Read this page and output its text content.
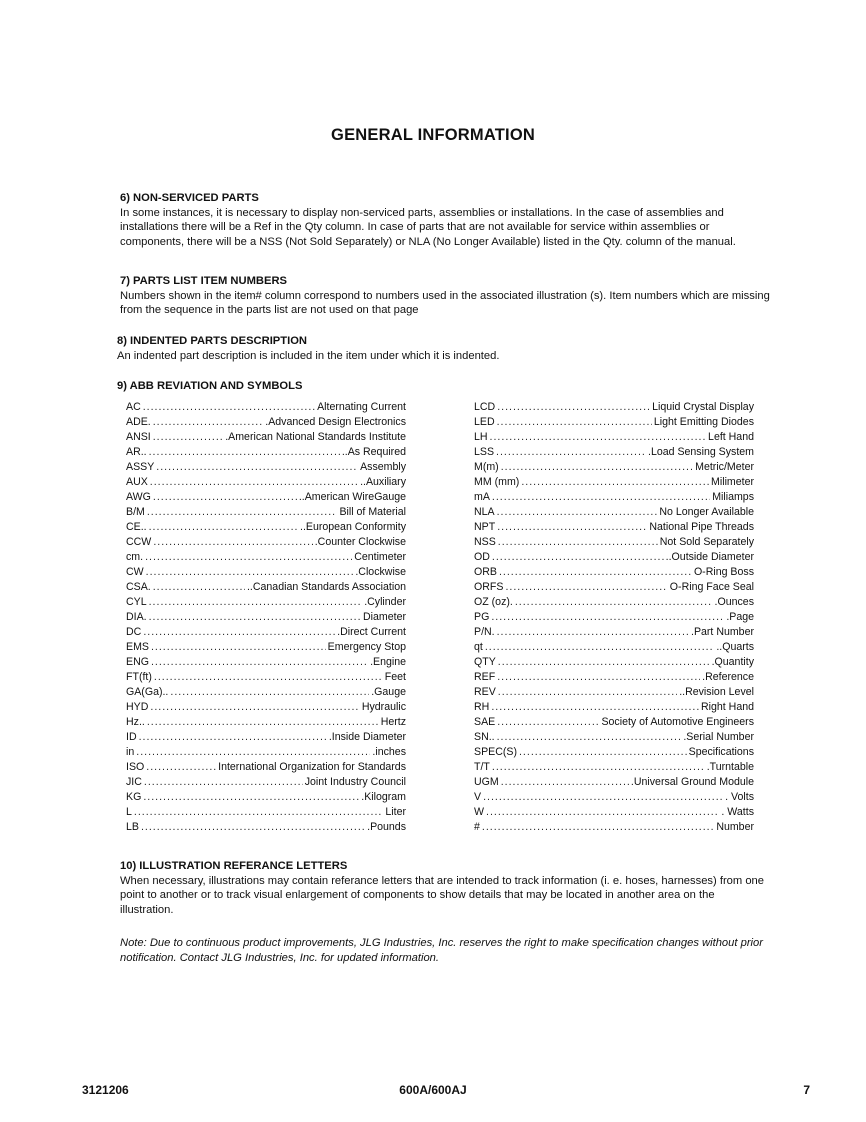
GENERAL INFORMATION
6) NON-SERVICED PARTS
In some instances, it is necessary to display non-serviced parts, assemblies or installations. In the case of assemblies and installations there will be a Ref in the Qty column. In case of parts that are not available for service within assemblies or components, there will be a NSS (Not Sold Separately) or NLA (No Longer Available) listed in the Qty. column of the manual.
7) PARTS LIST ITEM NUMBERS
Numbers shown in the item# column correspond to numbers used in the associated illustration (s). Item numbers which are missing from the sequence in the parts list are not used on that page
8) INDENTED PARTS DESCRIPTION
An indented part description is included in the item under which it is indented.
9) ABB REVIATION AND SYMBOLS
AC .....	Alternating Current
ADE. .....	.Advanced Design Electronics
ANSI .....	.American National Standards Institute
AR.. .....	..As Required
ASSY .....	Assembly
AUX .....	..Auxiliary
AWG .....	..American WireGauge
B/M .....	Bill of Material
CE.. .....	..European Conformity
CCW .....	.Counter Clockwise
cm. .....	Centimeter
CW .....	.Clockwise
CSA. .....	..Canadian Standards Association
CYL .....	.Cylinder
DIA. .....	Diameter
DC .....	.Direct Current
EMS .....	Emergency Stop
ENG .....	.Engine
FT(ft) .....	Feet
GA(Ga).. .....	.Gauge
HYD .....	Hydraulic
Hz.. .....	Hertz
ID .....	.Inside Diameter
in .....	.inches
ISO .....	International Organization for Standards
JIC .....	Joint Industry Council
KG .....	.Kilogram
L .....	Liter
LB .....	.Pounds
LCD .....	Liquid Crystal Display
LED .....	Light Emitting Diodes
LH .....	Left Hand
LSS .....	.Load Sensing System
M(m) .....	Metric/Meter
MM (mm) .....	Milimeter
mA .....	Miliamps
NLA .....	No Longer Available
NPT .....	National Pipe Threads
NSS .....	Not Sold Separately
OD .....	..Outside Diameter
ORB .....	O-Ring Boss
ORFS .....	O-Ring Face Seal
OZ (oz). .....	.Ounces
PG .....	.Page
P/N. .....	.Part Number
qt .....	..Quarts
QTY .....	.Quantity
REF .....	.Reference
REV .....	..Revision Level
RH .....	Right Hand
SAE .....	Society of Automotive Engineers
SN.. .....	.Serial Number
SPEC(S) .....	Specifications
T/T .....	.Turntable
UGM .....	.Universal Ground Module
V .....	. Volts
W .....	. Watts
# .....	Number
10) ILLUSTRATION REFERANCE LETTERS
When necessary, illustrations may contain referance letters that are intended to track information (i. e. hoses, harnesses) from one point to another or to track visual enlargement of components to show details that may be located in another area on the illustration.
Note: Due to continuous product improvements, JLG Industries, Inc. reserves the right to make specification changes without prior notification. Contact JLG Industries, Inc. for updated information.
3121206	600A/600AJ	7
